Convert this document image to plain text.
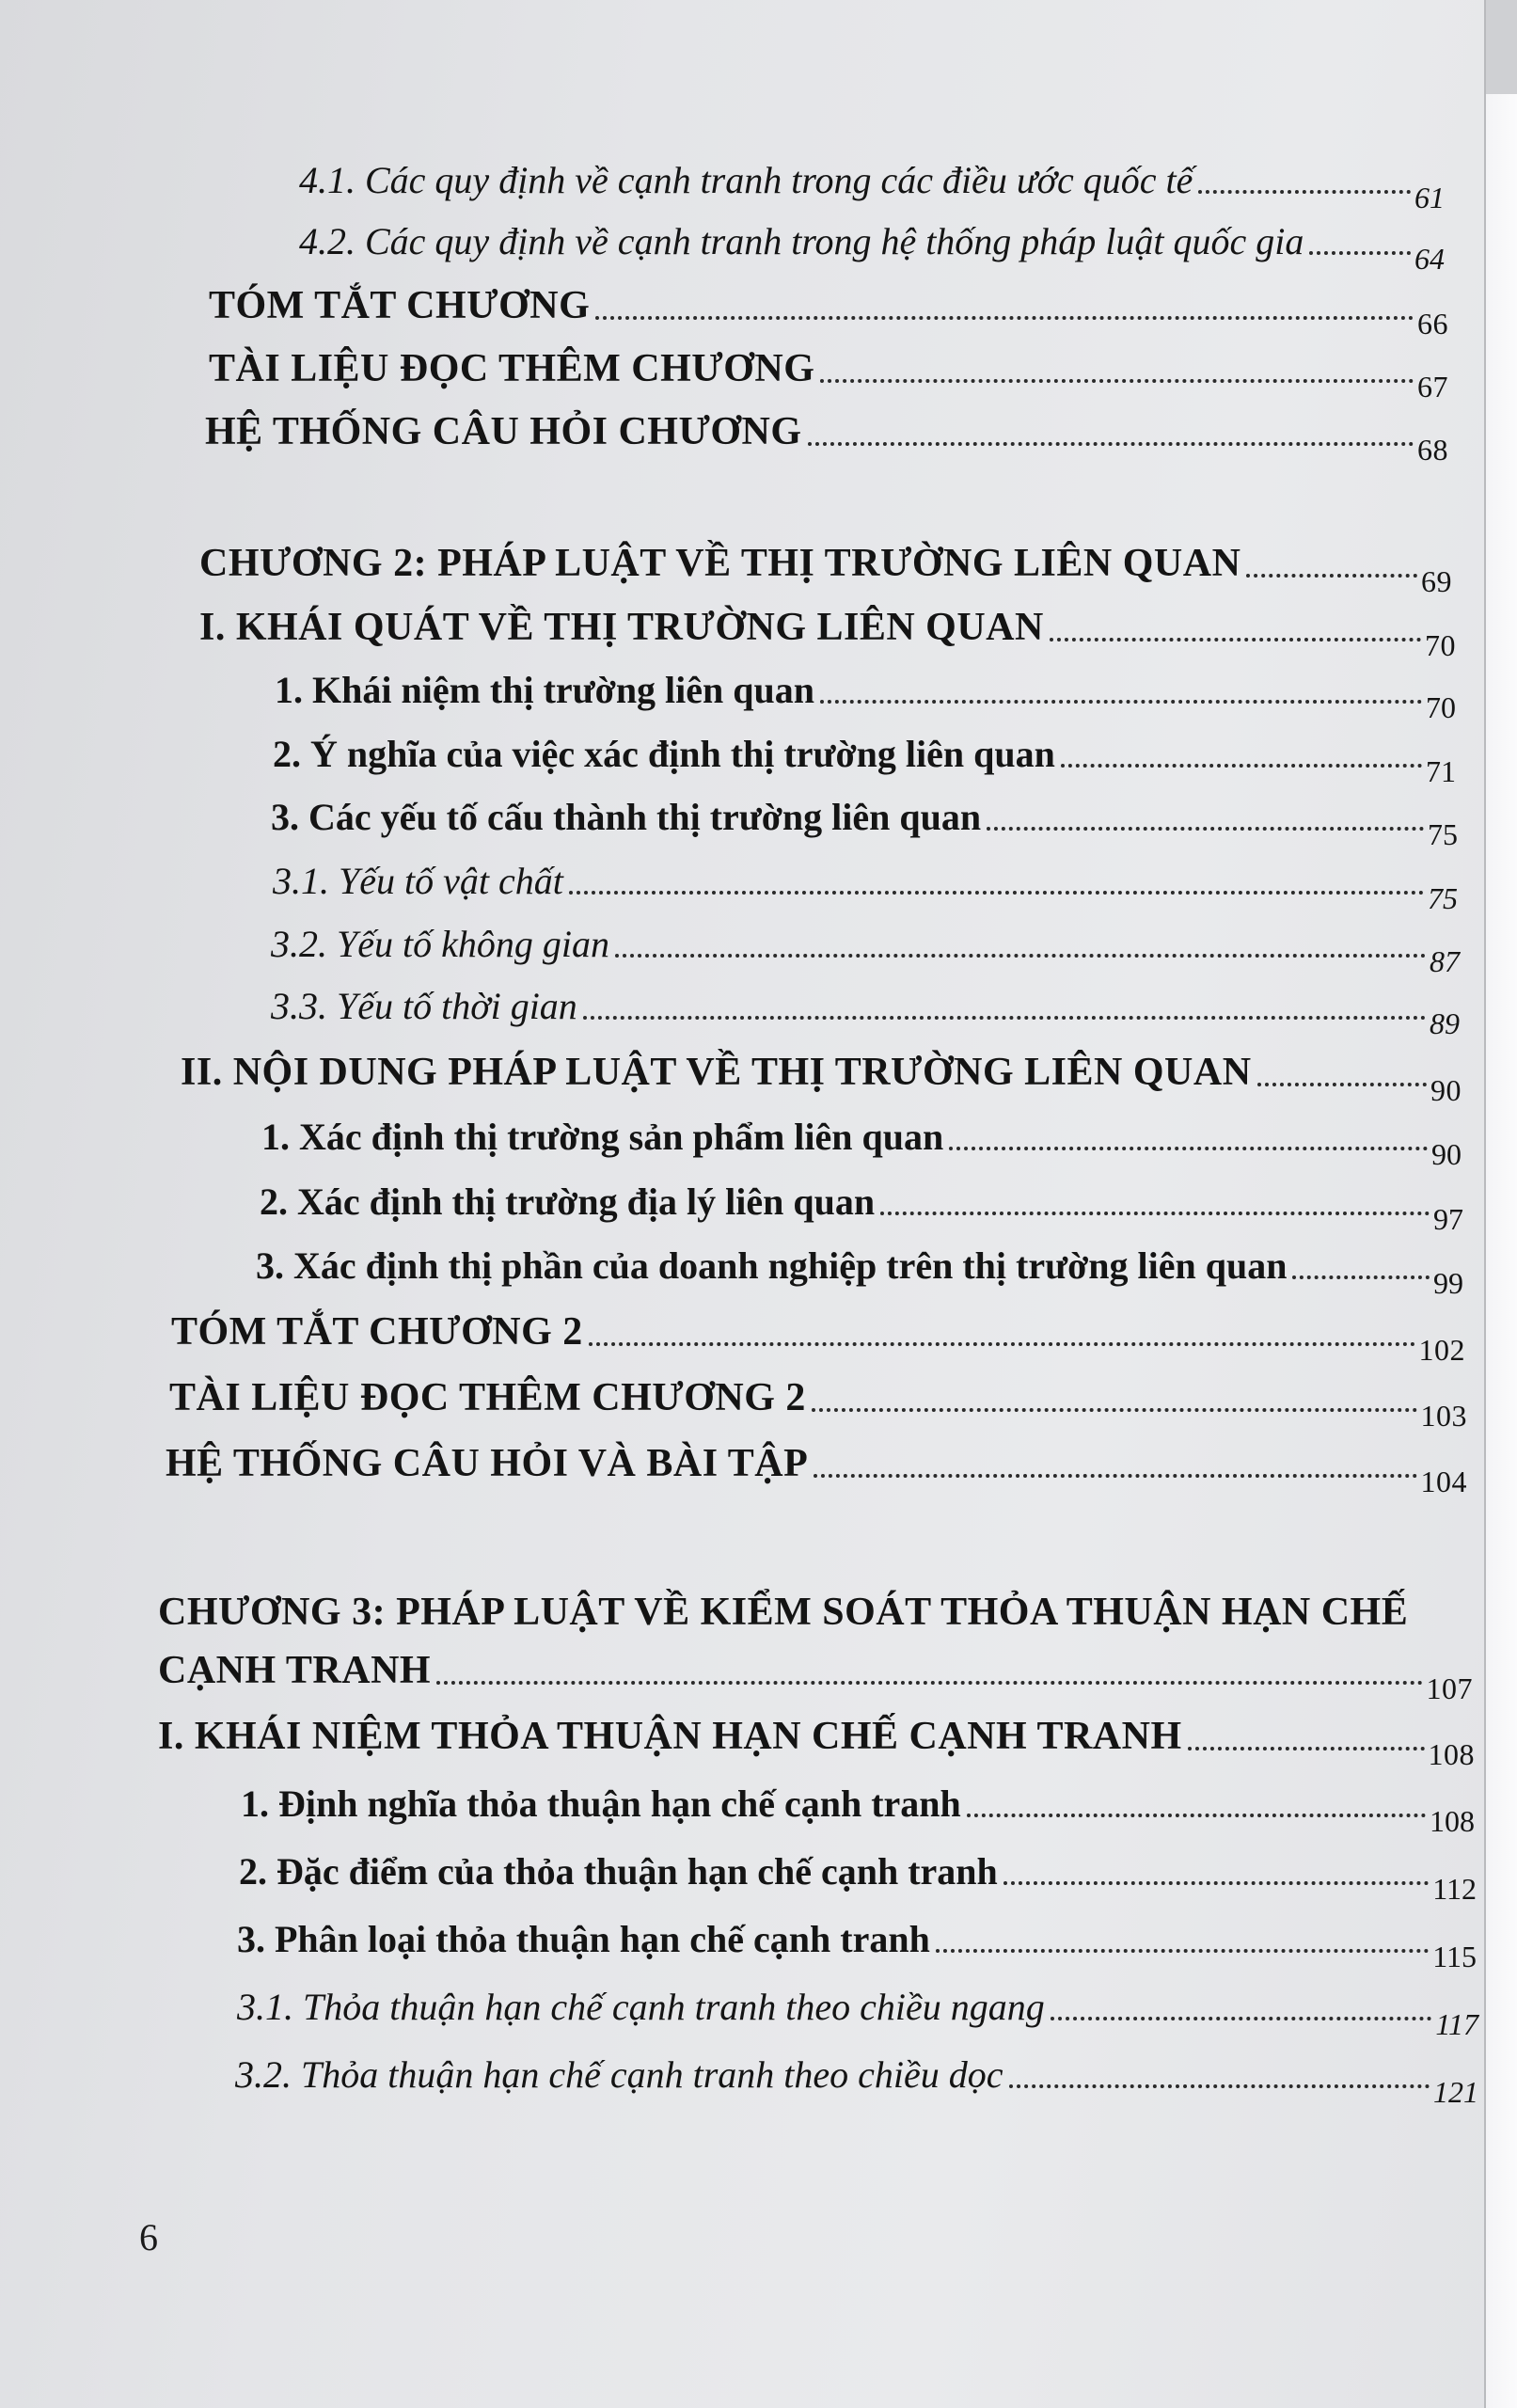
4.1. Các quy định về cạnh tranh trong các điều ước quốc tế	61
4.2. Các quy định về cạnh tranh trong hệ thống pháp luật quốc gia	64
TÓM TẮT CHƯƠNG	66
TÀI LIỆU ĐỌC THÊM CHƯƠNG	67
HỆ THỐNG CÂU HỎI CHƯƠNG	68
CHƯƠNG 2: PHÁP LUẬT VỀ THỊ TRƯỜNG LIÊN QUAN	69
I. KHÁI QUÁT VỀ THỊ TRƯỜNG LIÊN QUAN	70
1. Khái niệm thị trường liên quan	70
2. Ý nghĩa của việc xác định thị trường liên quan	71
3. Các yếu tố cấu thành thị trường liên quan	75
3.1. Yếu tố vật chất	75
3.2. Yếu tố không gian	87
3.3. Yếu tố thời gian	89
II. NỘI DUNG PHÁP LUẬT VỀ THỊ TRƯỜNG LIÊN QUAN	90
1. Xác định thị trường sản phẩm liên quan	90
2. Xác định thị trường địa lý liên quan	97
3. Xác định thị phần của doanh nghiệp trên thị trường liên quan	99
TÓM TẮT CHƯƠNG 2	102
TÀI LIỆU ĐỌC THÊM CHƯƠNG 2	103
HỆ THỐNG CÂU HỎI VÀ BÀI TẬP	104
CHƯƠNG 3: PHÁP LUẬT VỀ KIỂM SOÁT THỎA THUẬN HẠN CHẾ
CẠNH TRANH	107
I. KHÁI NIỆM THỎA THUẬN HẠN CHẾ CẠNH TRANH	108
1. Định nghĩa thỏa thuận hạn chế cạnh tranh	108
2. Đặc điểm của thỏa thuận hạn chế cạnh tranh	112
3. Phân loại thỏa thuận hạn chế cạnh tranh	115
3.1. Thỏa thuận hạn chế cạnh tranh theo chiều ngang	117
3.2. Thỏa thuận hạn chế cạnh tranh theo chiều dọc	121
6
